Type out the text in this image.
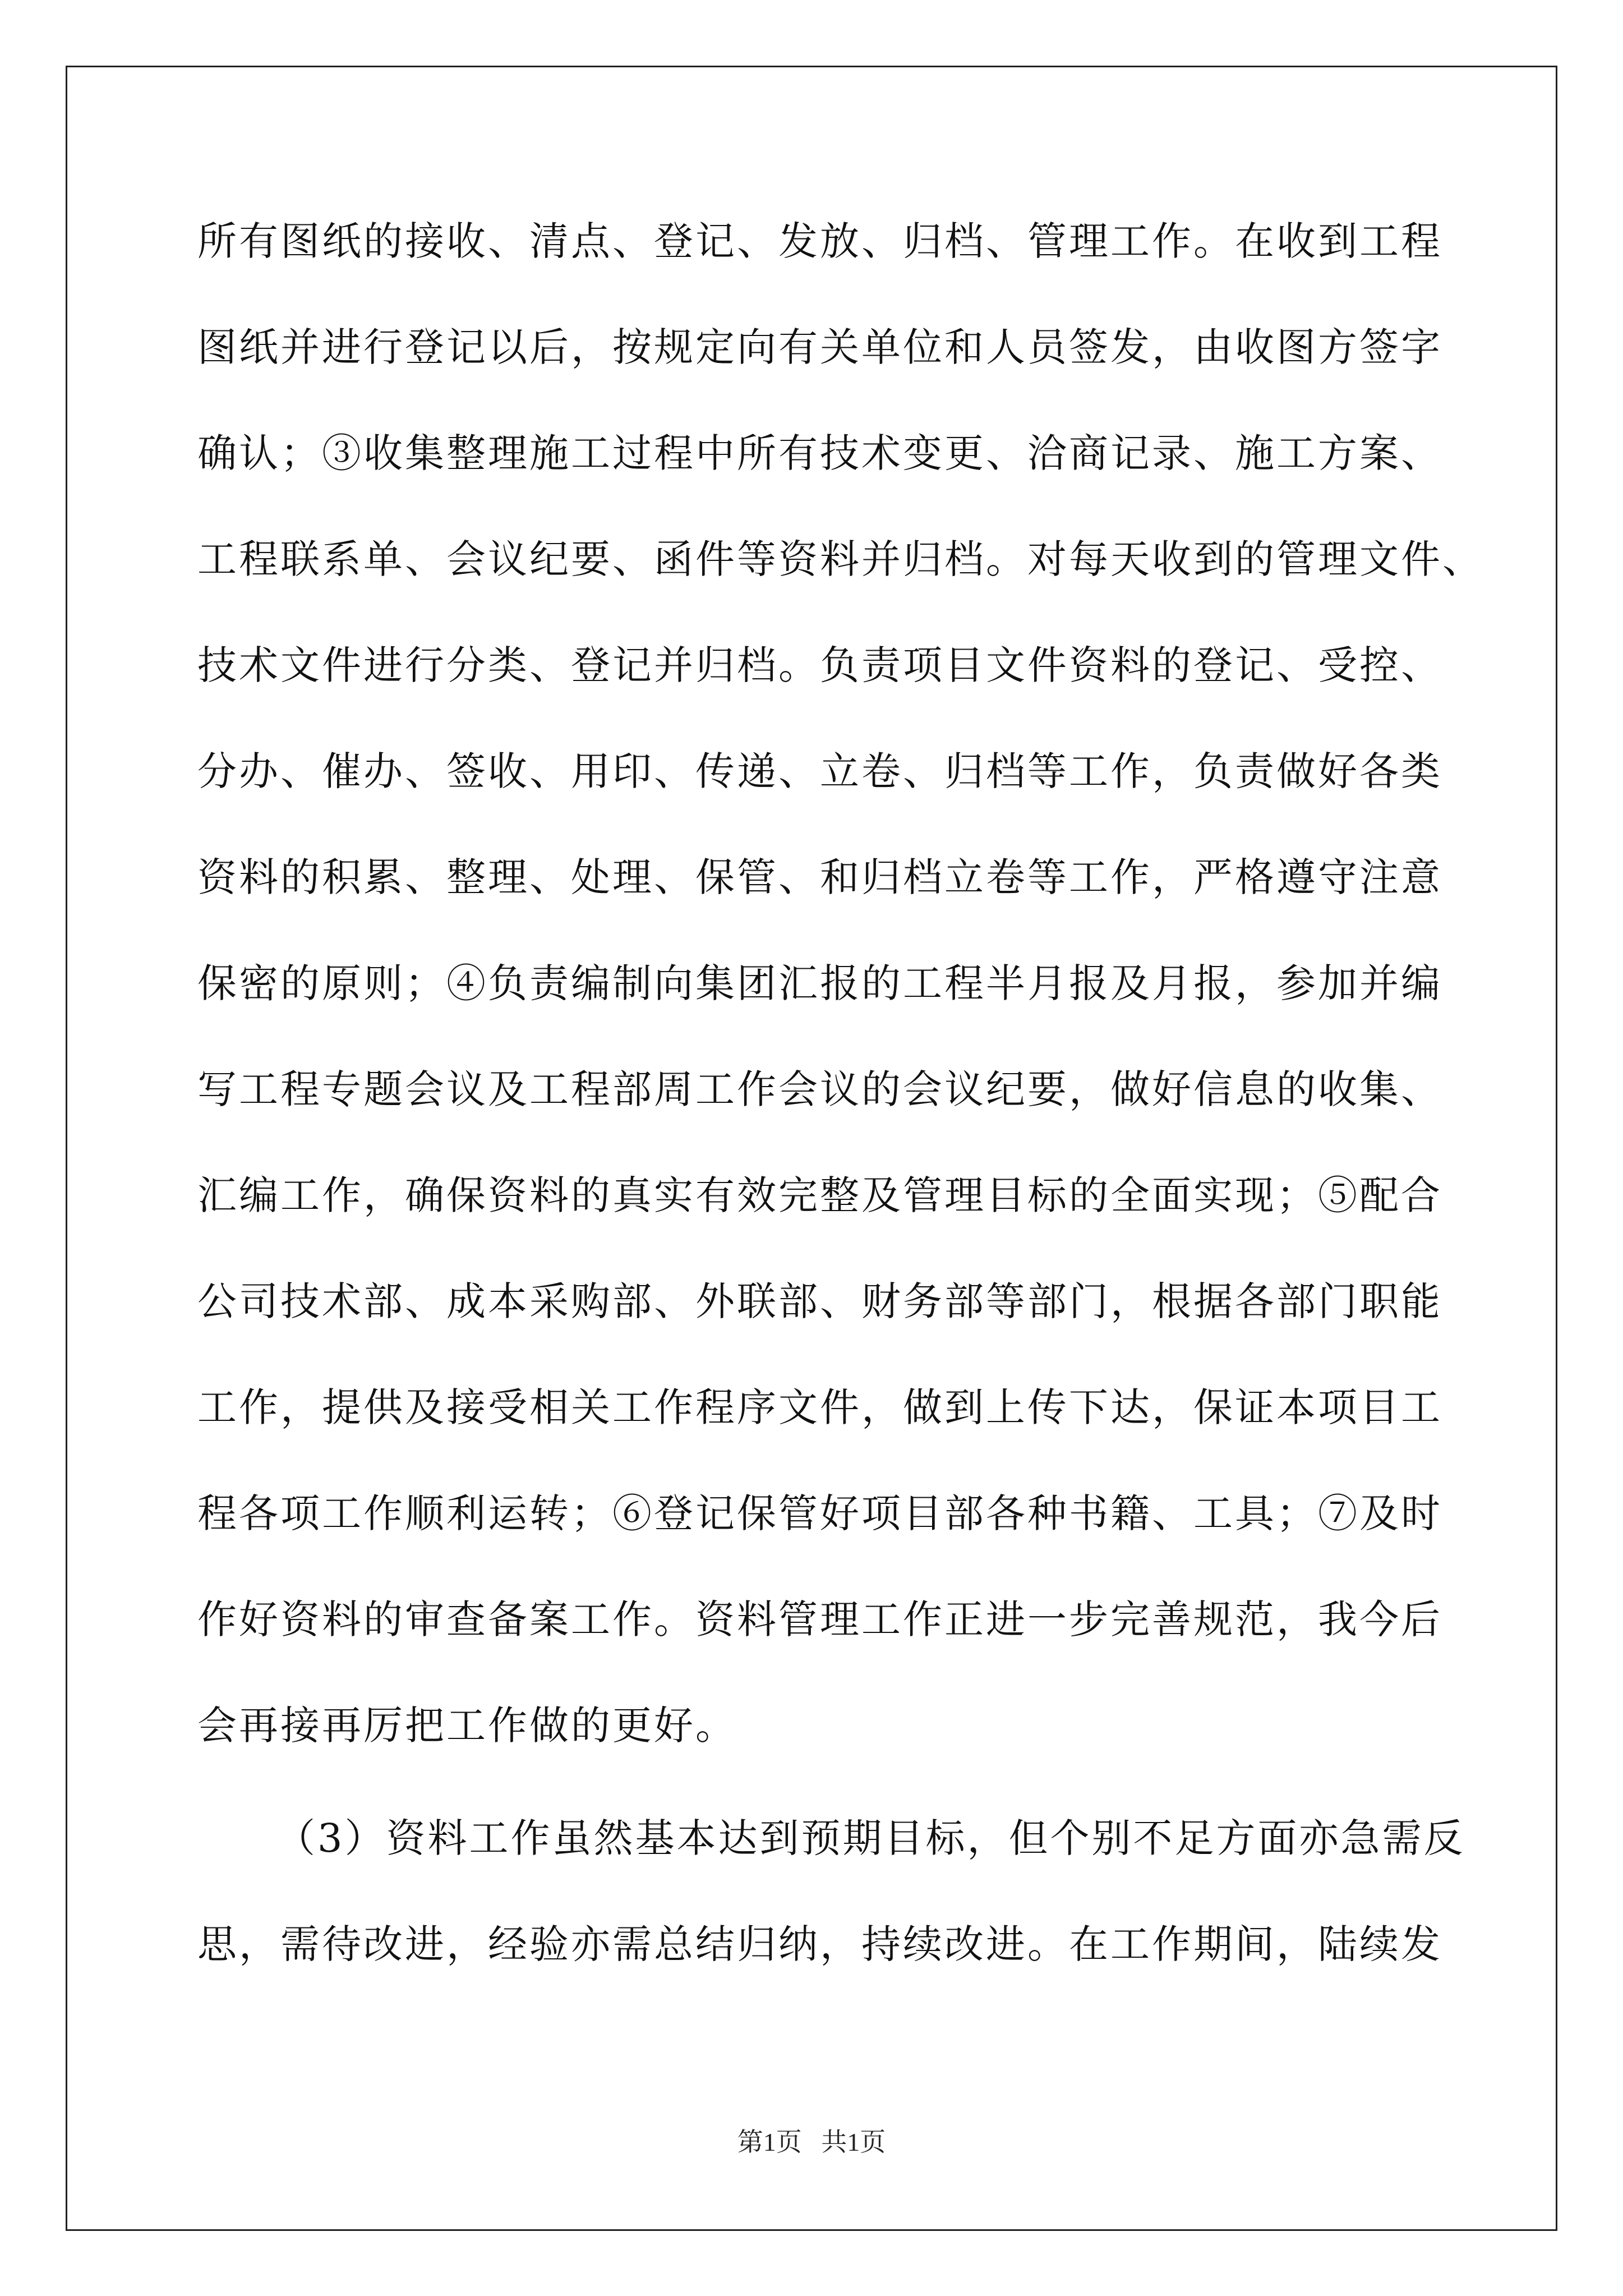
所有图纸的接收、清点、登记、发放、归档、管理工作。在收到工程
图纸并进行登记以后，按规定向有关单位和人员签发，由收图方签字
确认；③收集整理施工过程中所有技术变更、洽商记录、施工方案、
工程联系单、会议纪要、函件等资料并归档。对每天收到的管理文件、
技术文件进行分类、登记并归档。负责项目文件资料的登记、受控、
分办、催办、签收、用印、传递、立卷、归档等工作，负责做好各类
资料的积累、整理、处理、保管、和归档立卷等工作，严格遵守注意
保密的原则；④负责编制向集团汇报的工程半月报及月报，参加并编
写工程专题会议及工程部周工作会议的会议纪要，做好信息的收集、
汇编工作，确保资料的真实有效完整及管理目标的全面实现；⑤配合
公司技术部、成本采购部、外联部、财务部等部门，根据各部门职能
工作，提供及接受相关工作程序文件，做到上传下达，保证本项目工
程各项工作顺利运转；⑥登记保管好项目部各种书籍、工具；⑦及时
作好资料的审查备案工作。资料管理工作正进一步完善规范，我今后
会再接再厉把工作做的更好。
（3）资料工作虽然基本达到预期目标，但个别不足方面亦急需反
思，需待改进，经验亦需总结归纳，持续改进。在工作期间，陆续发
第1页   共1页
